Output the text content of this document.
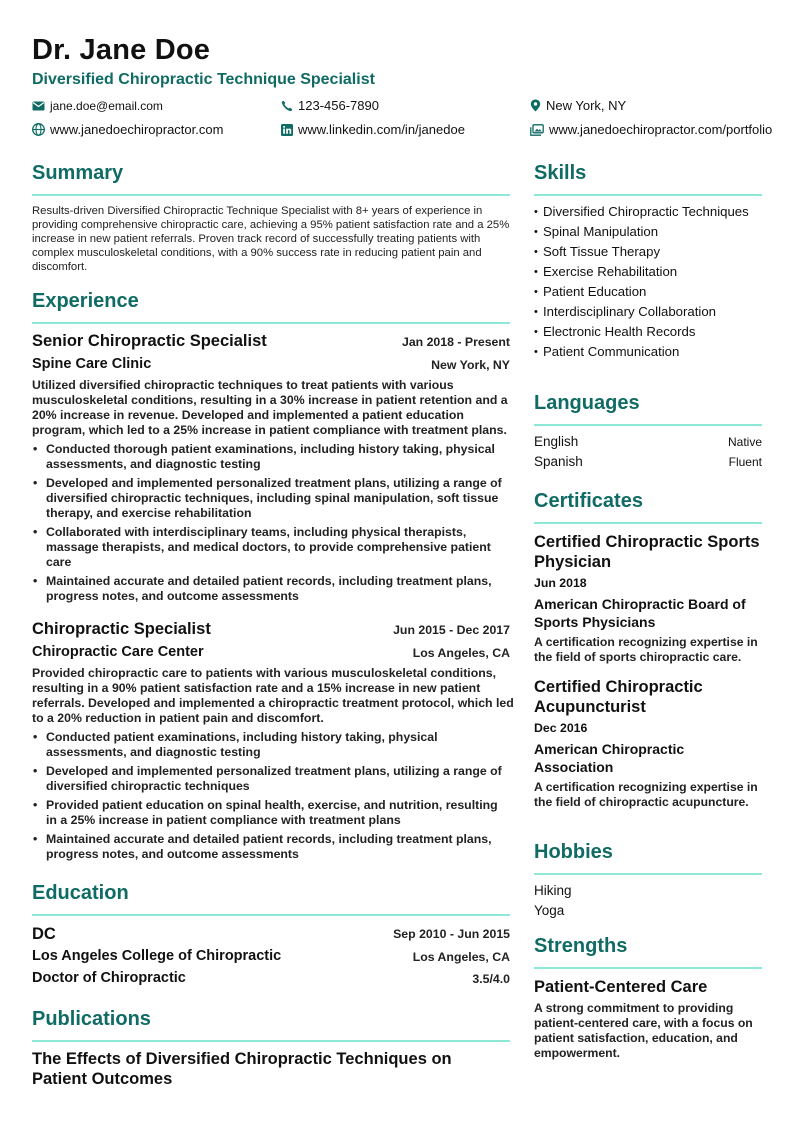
Dr. Jane Doe
Diversified Chiropractic Technique Specialist
jane.doe@email.com	123-456-7890	New York, NY
www.janedoechiropractor.com	www.linkedin.com/in/janedoe	www.janedoechiropractor.com/portfolio
Summary
Results-driven Diversified Chiropractic Technique Specialist with 8+ years of experience in providing comprehensive chiropractic care, achieving a 95% patient satisfaction rate and a 25% increase in new patient referrals. Proven track record of successfully treating patients with complex musculoskeletal conditions, with a 90% success rate in reducing patient pain and discomfort.
Experience
Senior Chiropractic Specialist	Jan 2018 - Present
Spine Care Clinic	New York, NY
Utilized diversified chiropractic techniques to treat patients with various musculoskeletal conditions, resulting in a 30% increase in patient retention and a 20% increase in revenue. Developed and implemented a patient education program, which led to a 25% increase in patient compliance with treatment plans.
• Conducted thorough patient examinations, including history taking, physical assessments, and diagnostic testing
• Developed and implemented personalized treatment plans, utilizing a range of diversified chiropractic techniques, including spinal manipulation, soft tissue therapy, and exercise rehabilitation
• Collaborated with interdisciplinary teams, including physical therapists, massage therapists, and medical doctors, to provide comprehensive patient care
• Maintained accurate and detailed patient records, including treatment plans, progress notes, and outcome assessments
Chiropractic Specialist	Jun 2015 - Dec 2017
Chiropractic Care Center	Los Angeles, CA
Provided chiropractic care to patients with various musculoskeletal conditions, resulting in a 90% patient satisfaction rate and a 15% increase in new patient referrals. Developed and implemented a chiropractic treatment protocol, which led to a 20% reduction in patient pain and discomfort.
• Conducted patient examinations, including history taking, physical assessments, and diagnostic testing
• Developed and implemented personalized treatment plans, utilizing a range of diversified chiropractic techniques
• Provided patient education on spinal health, exercise, and nutrition, resulting in a 25% increase in patient compliance with treatment plans
• Maintained accurate and detailed patient records, including treatment plans, progress notes, and outcome assessments
Education
DC	Sep 2010 - Jun 2015
Los Angeles College of Chiropractic	Los Angeles, CA
Doctor of Chiropractic	3.5/4.0
Publications
The Effects of Diversified Chiropractic Techniques on Patient Outcomes
Skills
• Diversified Chiropractic Techniques
• Spinal Manipulation
• Soft Tissue Therapy
• Exercise Rehabilitation
• Patient Education
• Interdisciplinary Collaboration
• Electronic Health Records
• Patient Communication
Languages
English	Native
Spanish	Fluent
Certificates
Certified Chiropractic Sports Physician
Jun 2018
American Chiropractic Board of Sports Physicians
A certification recognizing expertise in the field of sports chiropractic care.
Certified Chiropractic Acupuncturist
Dec 2016
American Chiropractic Association
A certification recognizing expertise in the field of chiropractic acupuncture.
Hobbies
Hiking
Yoga
Strengths
Patient-Centered Care
A strong commitment to providing patient-centered care, with a focus on patient satisfaction, education, and empowerment.
